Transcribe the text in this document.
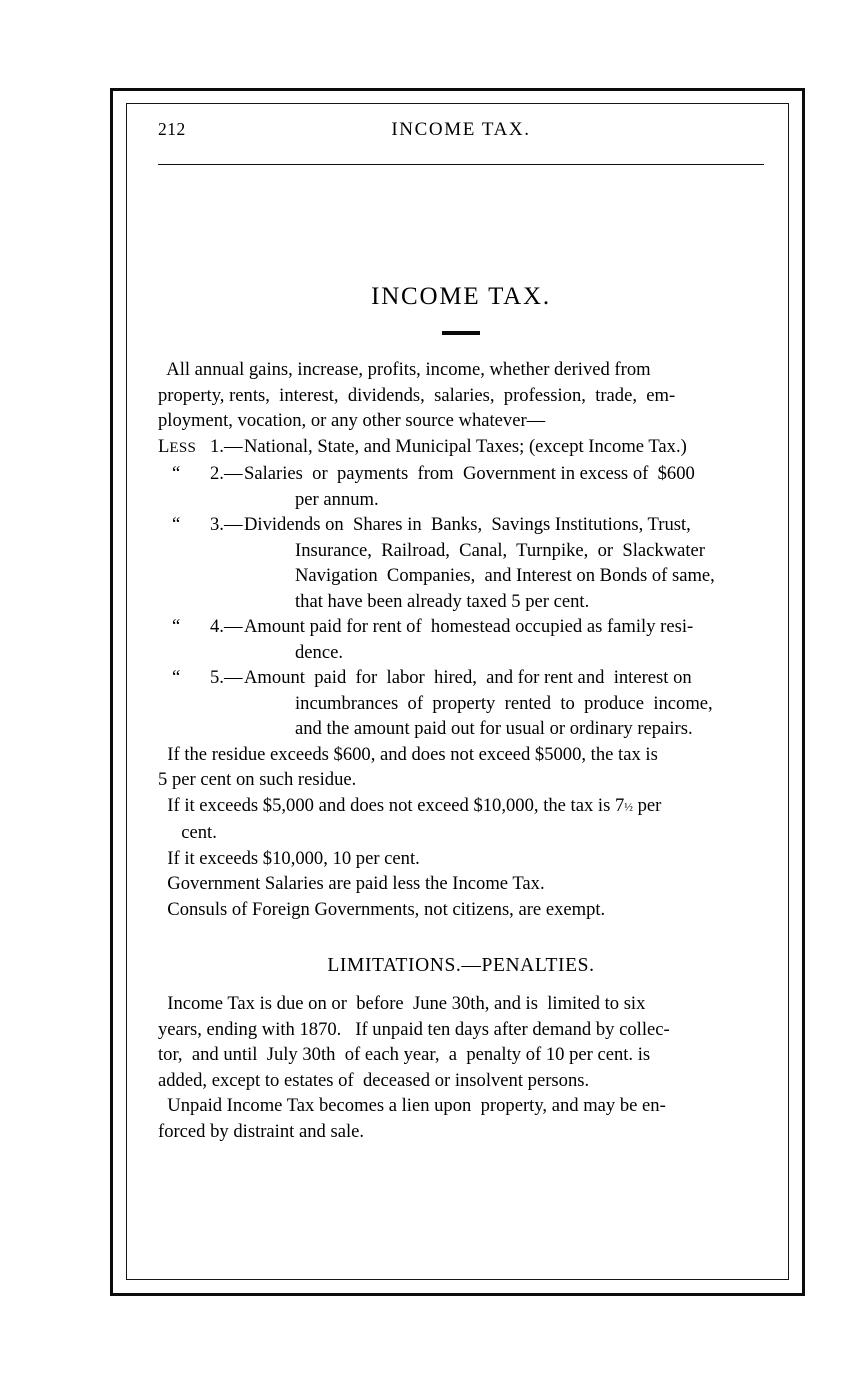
212	INCOME TAX.
INCOME TAX.
All annual gains, increase, profits, income, whether derived from
property, rents,  interest,  dividends,  salaries,  profession,  trade,  em-
ployment, vocation, or any other source whatever—
LESS 1.— National, State, and Municipal Taxes; (except Income Tax.)
“	2.— Salaries  or  payments  from  Government in excess of  $600
per annum.
“	3.— Dividends on  Shares in  Banks,  Savings Institutions, Trust,
Insurance,  Railroad,  Canal,  Turnpike,  or  Slackwater
Navigation  Companies,  and Interest on Bonds of same,
that have been already taxed 5 per cent.
“	4.— Amount paid for rent of  homestead occupied as family resi-
dence.
“	5.— Amount  paid  for  labor  hired,  and for rent and  interest on
incumbrances  of  property  rented  to  produce  income,
and the amount paid out for usual or ordinary repairs.
If the residue exceeds $600, and does not exceed $5000, the tax is
5 per cent on such residue.
If it exceeds $5,000 and does not exceed $10,000, the tax is 7½ per
cent.
If it exceeds $10,000, 10 per cent.
Government Salaries are paid less the Income Tax.
Consuls of Foreign Governments, not citizens, are exempt.
LIMITATIONS.—PENALTIES.
Income Tax is due on or  before  June 30th, and is  limited to six
years, ending with 1870.   If unpaid ten days after demand by collec-
tor,  and until  July 30th  of each year,  a  penalty of 10 per cent. is
added, except to estates of  deceased or insolvent persons.
Unpaid Income Tax becomes a lien upon  property, and may be en-
forced by distraint and sale.
